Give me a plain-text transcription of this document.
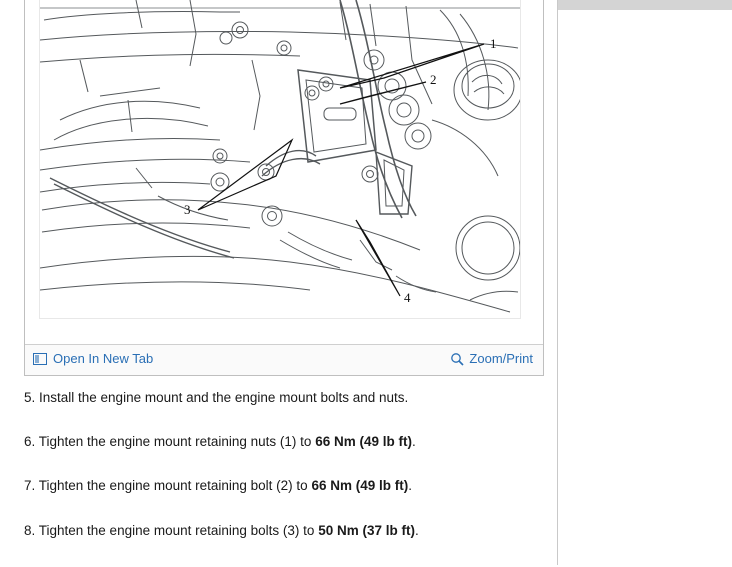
1
2
3
4
Open In New Tab	Zoom/Print

5. Install the engine mount and the engine mount bolts and nuts.

6. Tighten the engine mount retaining nuts (1) to 66 Nm (49 lb ft).

7. Tighten the engine mount retaining bolt (2) to 66 Nm (49 lb ft).

8. Tighten the engine mount retaining bolts (3) to 50 Nm (37 lb ft).
